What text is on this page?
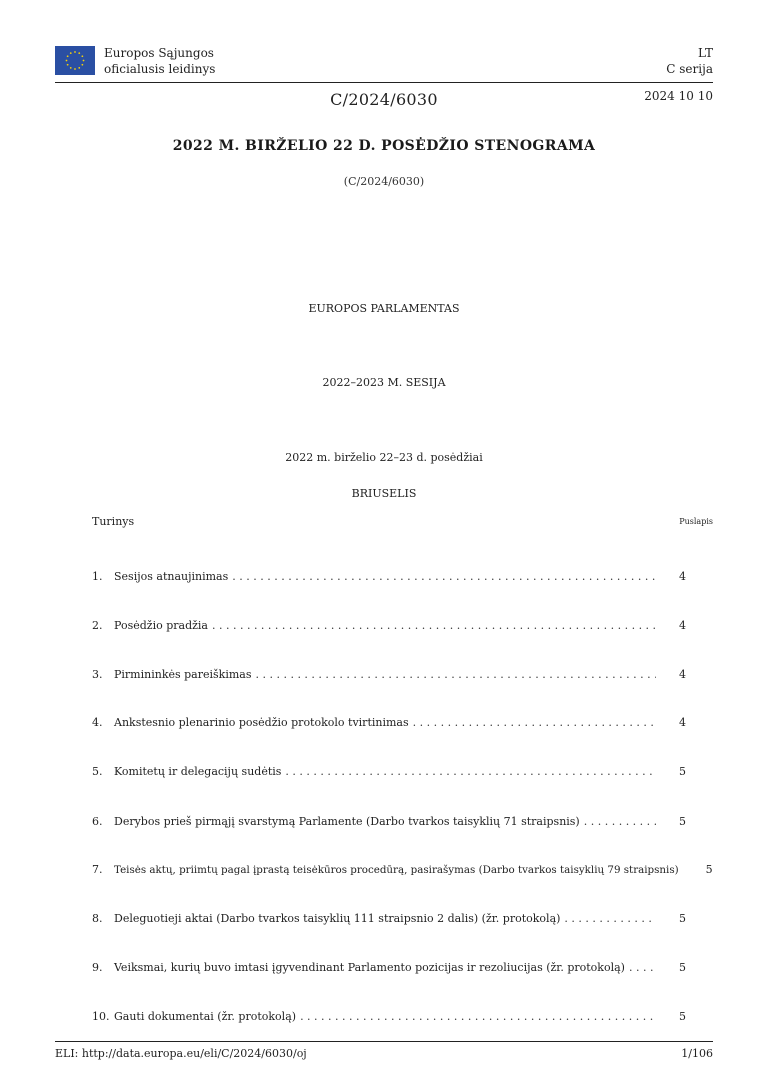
Europos Sąjungos
oficialusis leidinys
LT
C serija
C/2024/6030	2024 10 10
2022 M. BIRŽELIO 22 D. POSĖDŽIO STENOGRAMA
(C/2024/6030)
EUROPOS PARLAMENTAS
2022–2023 M. SESIJA
2022 m. birželio 22–23 d. posėdžiai
BRIUSELIS
Turinys	Puslapis
1.	Sesijos atnaujinimas . . .	4
2.	Posėdžio pradžia . . .	4
3.	Pirmininkės pareiškimas . . .	4
4.	Ankstesnio plenarinio posėdžio protokolo tvirtinimas . . .	4
5.	Komitetų ir delegacijų sudėtis . . .	5
6.	Derybos prieš pirmąjį svarstymą Parlamente (Darbo tvarkos taisyklių 71 straipsnis) . . .	5
7.	Teisės aktų, priimtų pagal įprastą teisėkūros procedūrą, pasirašymas (Darbo tvarkos taisyklių 79 straipsnis)	5
8.	Deleguotieji aktai (Darbo tvarkos taisyklių 111 straipsnio 2 dalis) (žr. protokolą) . . .	5
9.	Veiksmai, kurių buvo imtasi įgyvendinant Parlamento pozicijas ir rezoliucijas (žr. protokolą) . . .	5
10. Gauti dokumentai (žr. protokolą) . . .	5
ELI: http://data.europa.eu/eli/C/2024/6030/oj	1/106
